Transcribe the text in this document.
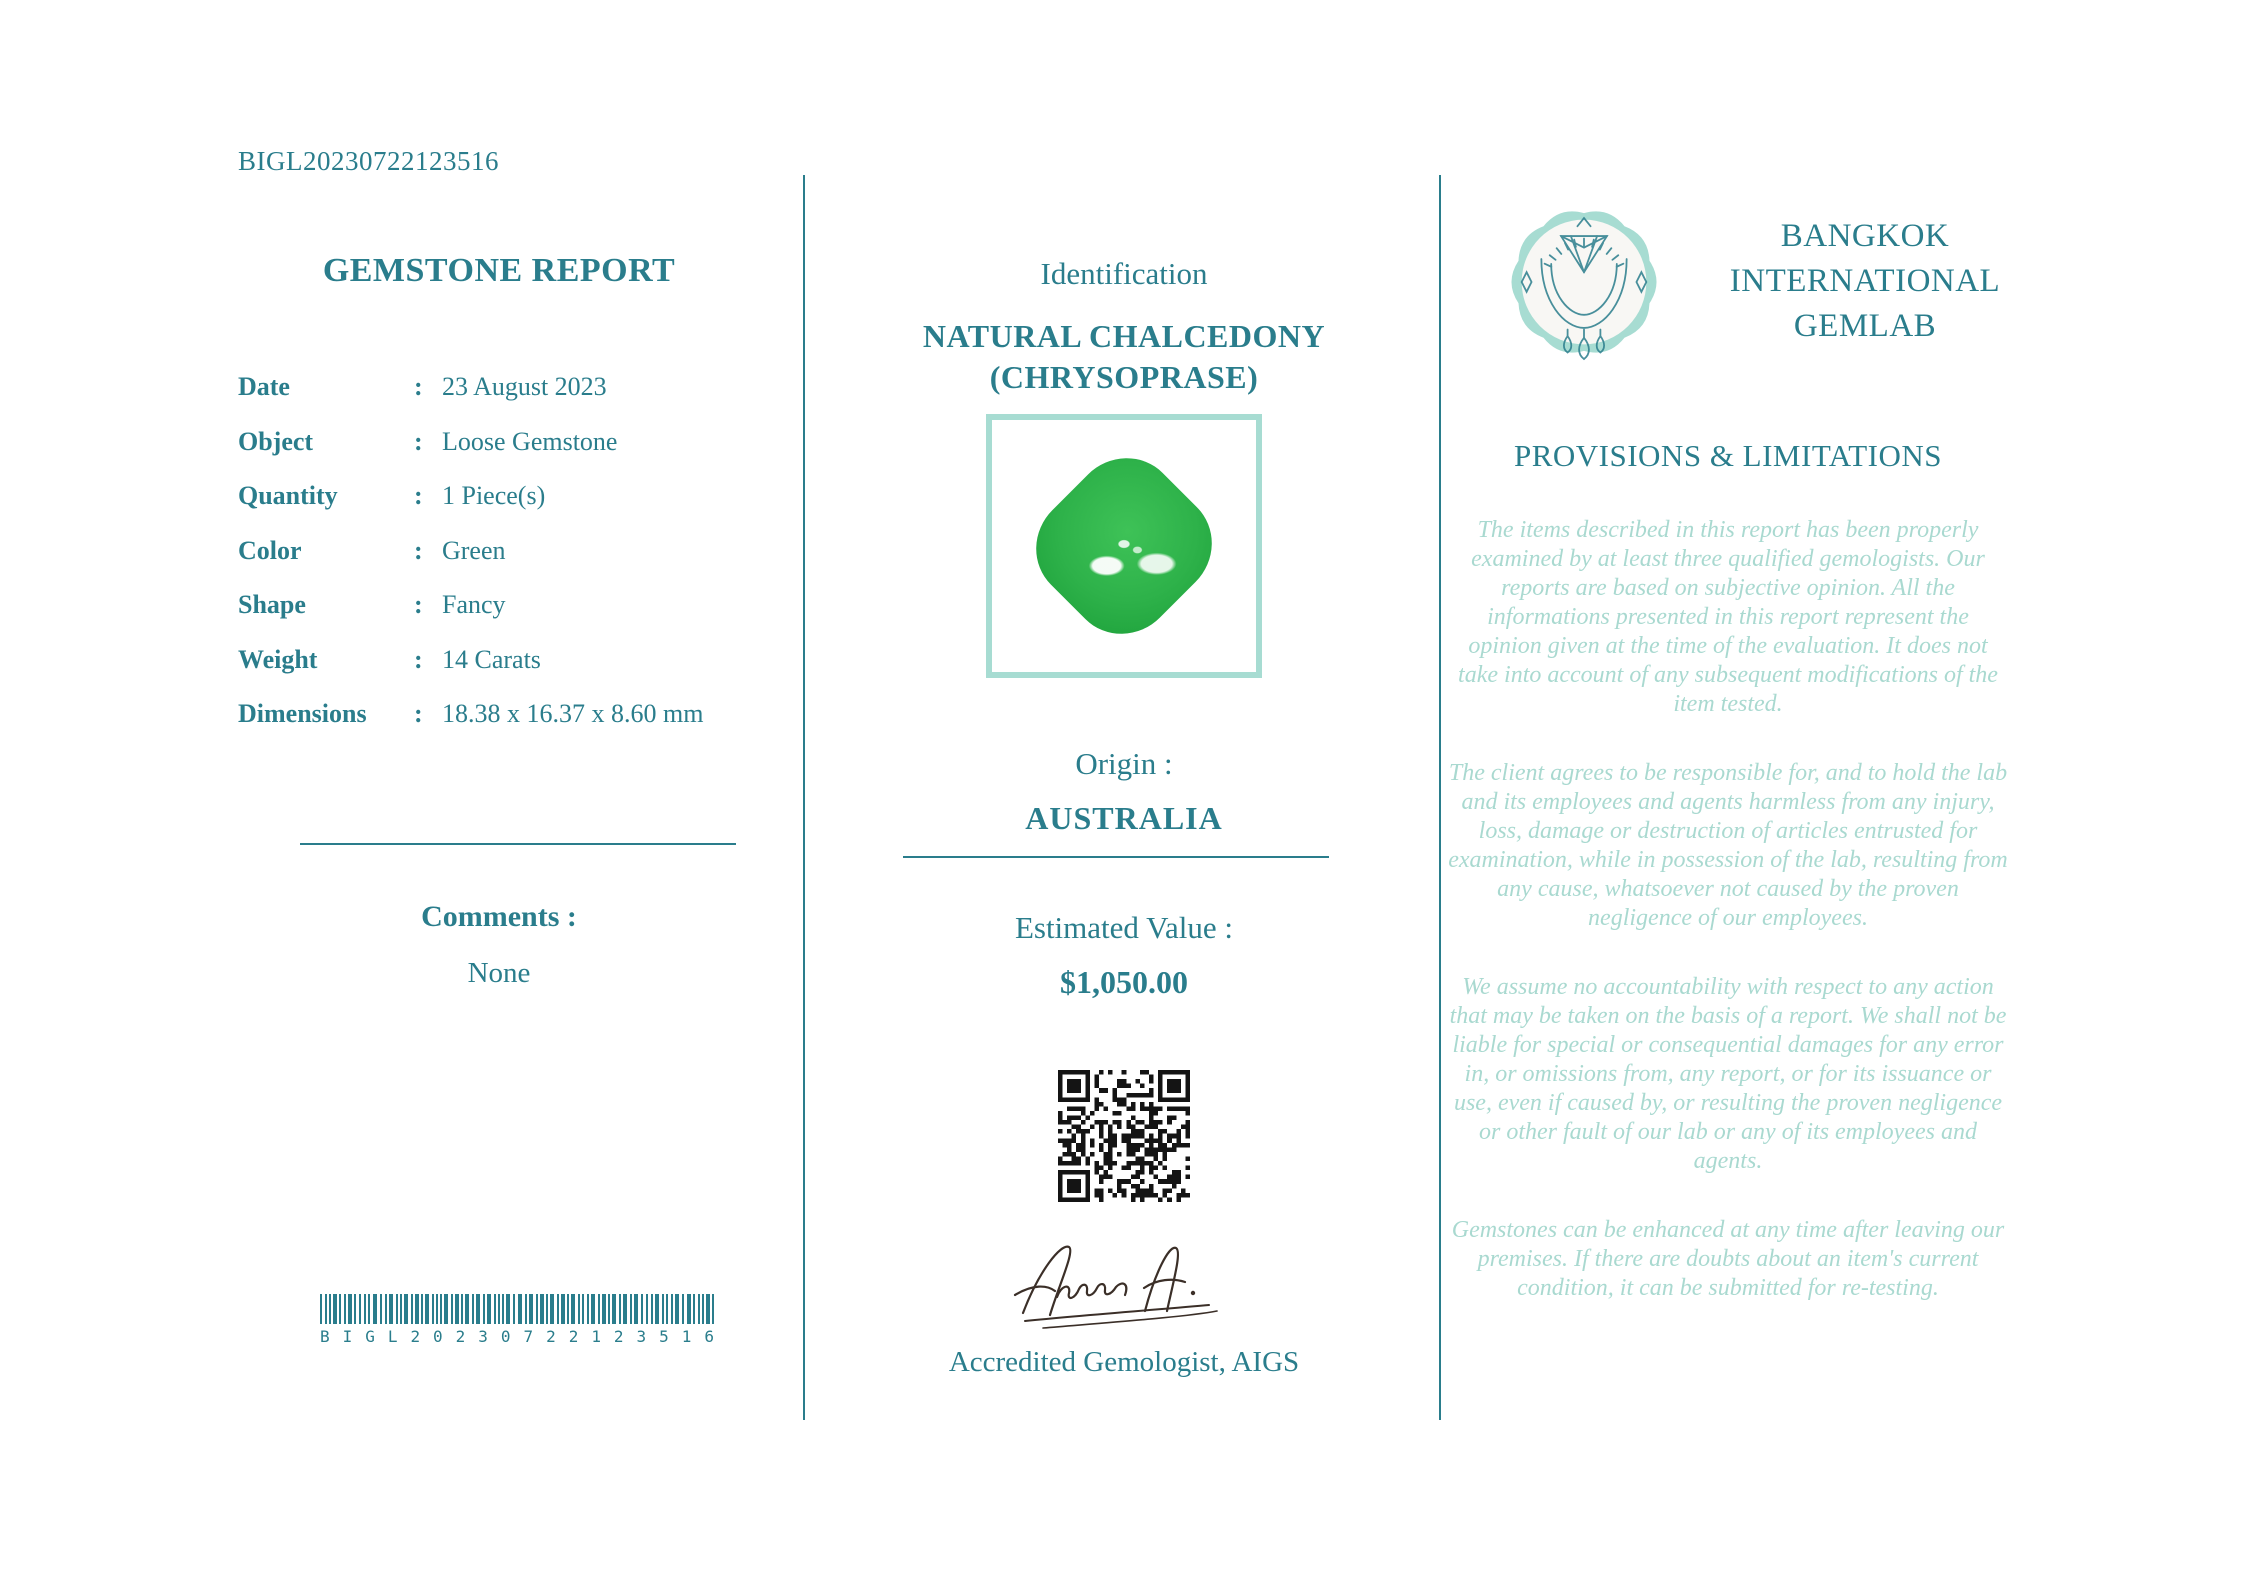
BIGL20230722123516
GEMSTONE REPORT
Date	: 23 August 2023
Object	: Loose Gemstone
Quantity	: 1 Piece(s)
Color	: Green
Shape	: Fancy
Weight	: 14 Carats
Dimensions	: 18.38 x 16.37 x 8.60 mm
Comments :
None
B I G L 2 0 2 3 0 7 2 2 1 2 3 5 1 6
Identification
NATURAL CHALCEDONY
(CHRYSOPRASE)
Origin :
AUSTRALIA
Estimated Value :
$1,050.00
Accredited Gemologist, AIGS
BANGKOK
INTERNATIONAL
GEMLAB
PROVISIONS & LIMITATIONS

The items described in this report has been properly examined by at least three qualified gemologists. Our reports are based on subjective opinion. All the informations presented in this report represent the opinion given at the time of the evaluation. It does not take into account of any subsequent modifications of the item tested.

The client agrees to be responsible for, and to hold the lab and its employees and agents harmless from any injury, loss, damage or destruction of articles entrusted for examination, while in possession of the lab, resulting from any cause, whatsoever not caused by the proven negligence of our employees.

We assume no accountability with respect to any action that may be taken on the basis of a report. We shall not be liable for special or consequential damages for any error in, or omissions from, any report, or for its issuance or use, even if caused by, or resulting the proven negligence or other fault of our lab or any of its employees and agents.

Gemstones can be enhanced at any time after leaving our premises. If there are doubts about an item's current condition, it can be submitted for re-testing.
